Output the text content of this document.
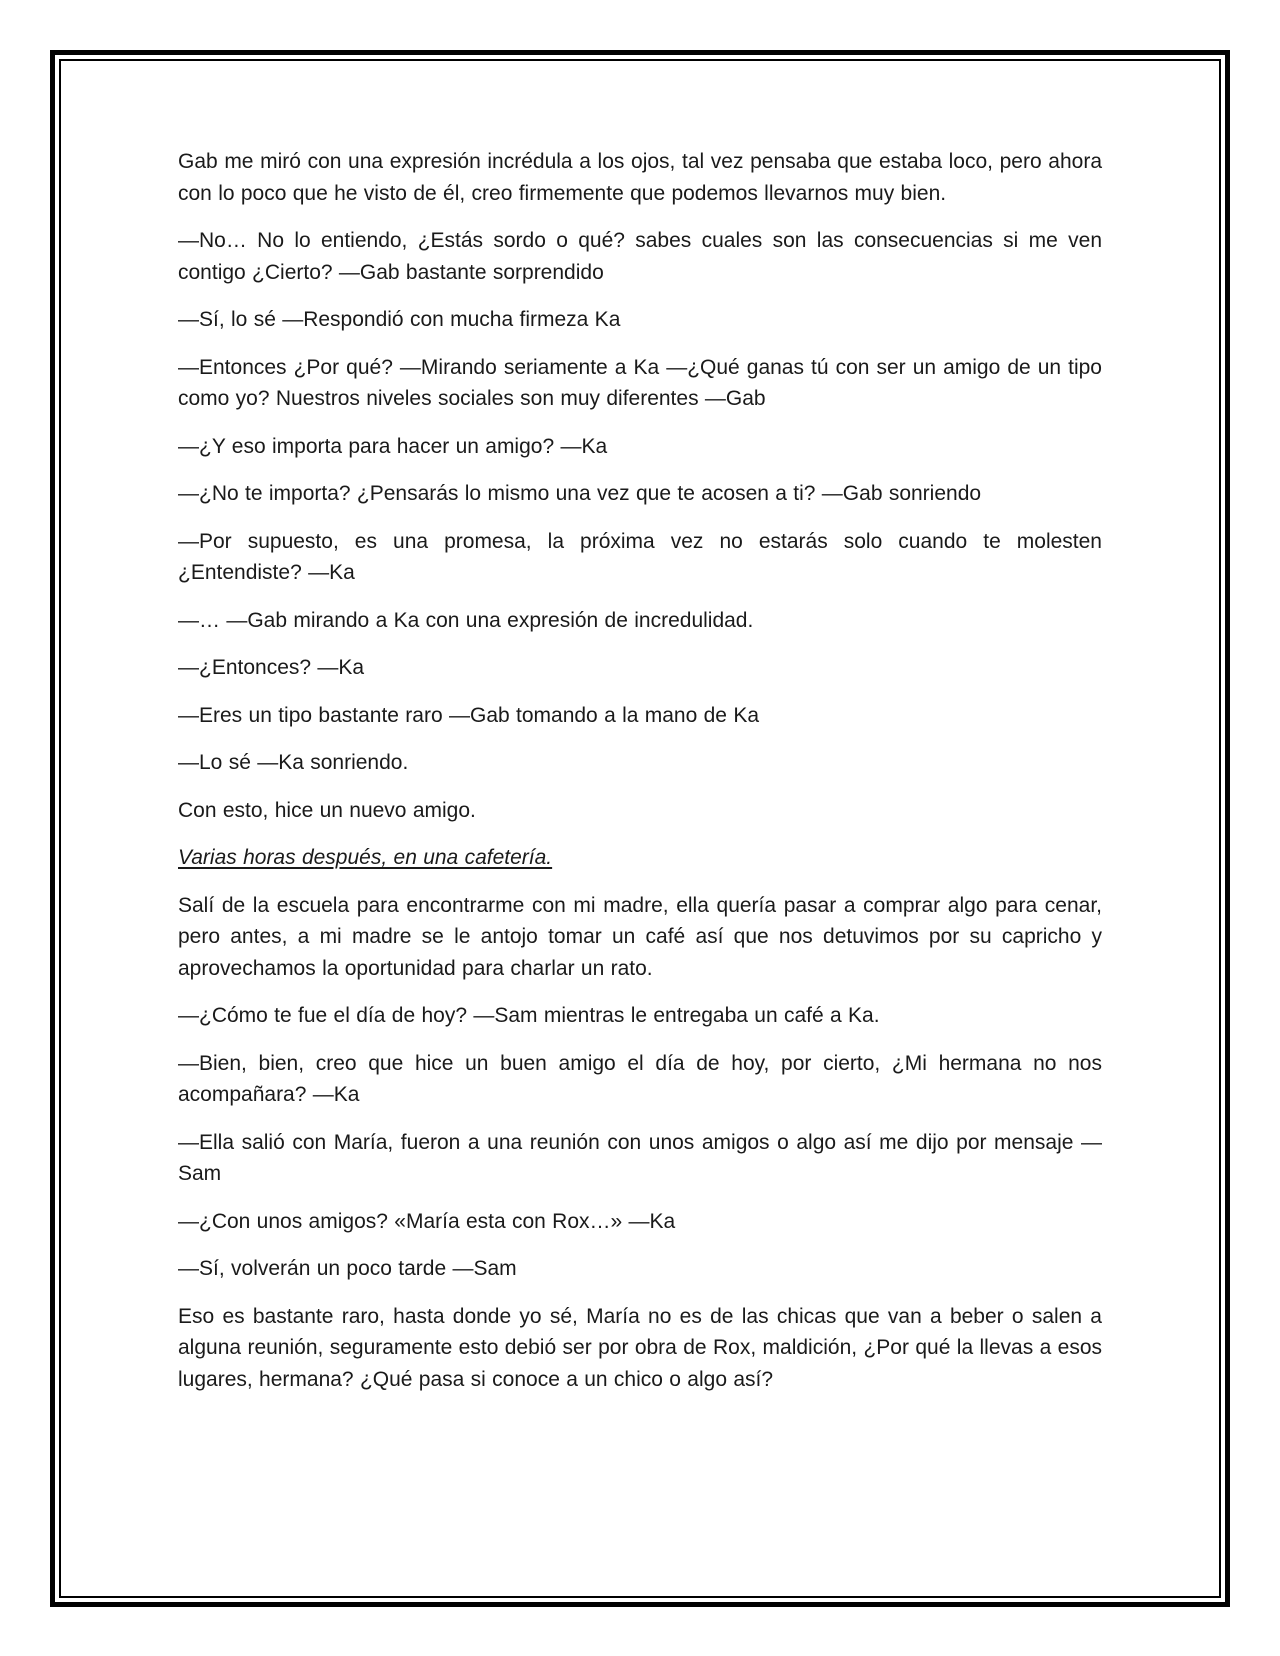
Gab me miró con una expresión incrédula a los ojos, tal vez pensaba que estaba loco, pero ahora con lo poco que he visto de él, creo firmemente que podemos llevarnos muy bien.

—No… No lo entiendo, ¿Estás sordo o qué? sabes cuales son las consecuencias si me ven contigo ¿Cierto? —Gab bastante sorprendido

—Sí, lo sé —Respondió con mucha firmeza Ka

—Entonces ¿Por qué? —Mirando seriamente a Ka —¿Qué ganas tú con ser un amigo de un tipo como yo? Nuestros niveles sociales son muy diferentes —Gab

—¿Y eso importa para hacer un amigo? —Ka

—¿No te importa? ¿Pensarás lo mismo una vez que te acosen a ti? —Gab sonriendo

—Por supuesto, es una promesa, la próxima vez no estarás solo cuando te molesten ¿Entendiste? —Ka

—… —Gab mirando a Ka con una expresión de incredulidad.

—¿Entonces? —Ka

—Eres un tipo bastante raro —Gab tomando a la mano de Ka

—Lo sé —Ka sonriendo.

Con esto, hice un nuevo amigo.

Varias horas después, en una cafetería.

Salí de la escuela para encontrarme con mi madre, ella quería pasar a comprar algo para cenar, pero antes, a mi madre se le antojo tomar un café así que nos detuvimos por su capricho y aprovechamos la oportunidad para charlar un rato.

—¿Cómo te fue el día de hoy? —Sam mientras le entregaba un café a Ka.

—Bien, bien, creo que hice un buen amigo el día de hoy, por cierto, ¿Mi hermana no nos acompañara? —Ka

—Ella salió con María, fueron a una reunión con unos amigos o algo así me dijo por mensaje —Sam

—¿Con unos amigos? «María esta con Rox…» —Ka

—Sí, volverán un poco tarde —Sam

Eso es bastante raro, hasta donde yo sé, María no es de las chicas que van a beber o salen a alguna reunión, seguramente esto debió ser por obra de Rox, maldición, ¿Por qué la llevas a esos lugares, hermana? ¿Qué pasa si conoce a un chico o algo así?
